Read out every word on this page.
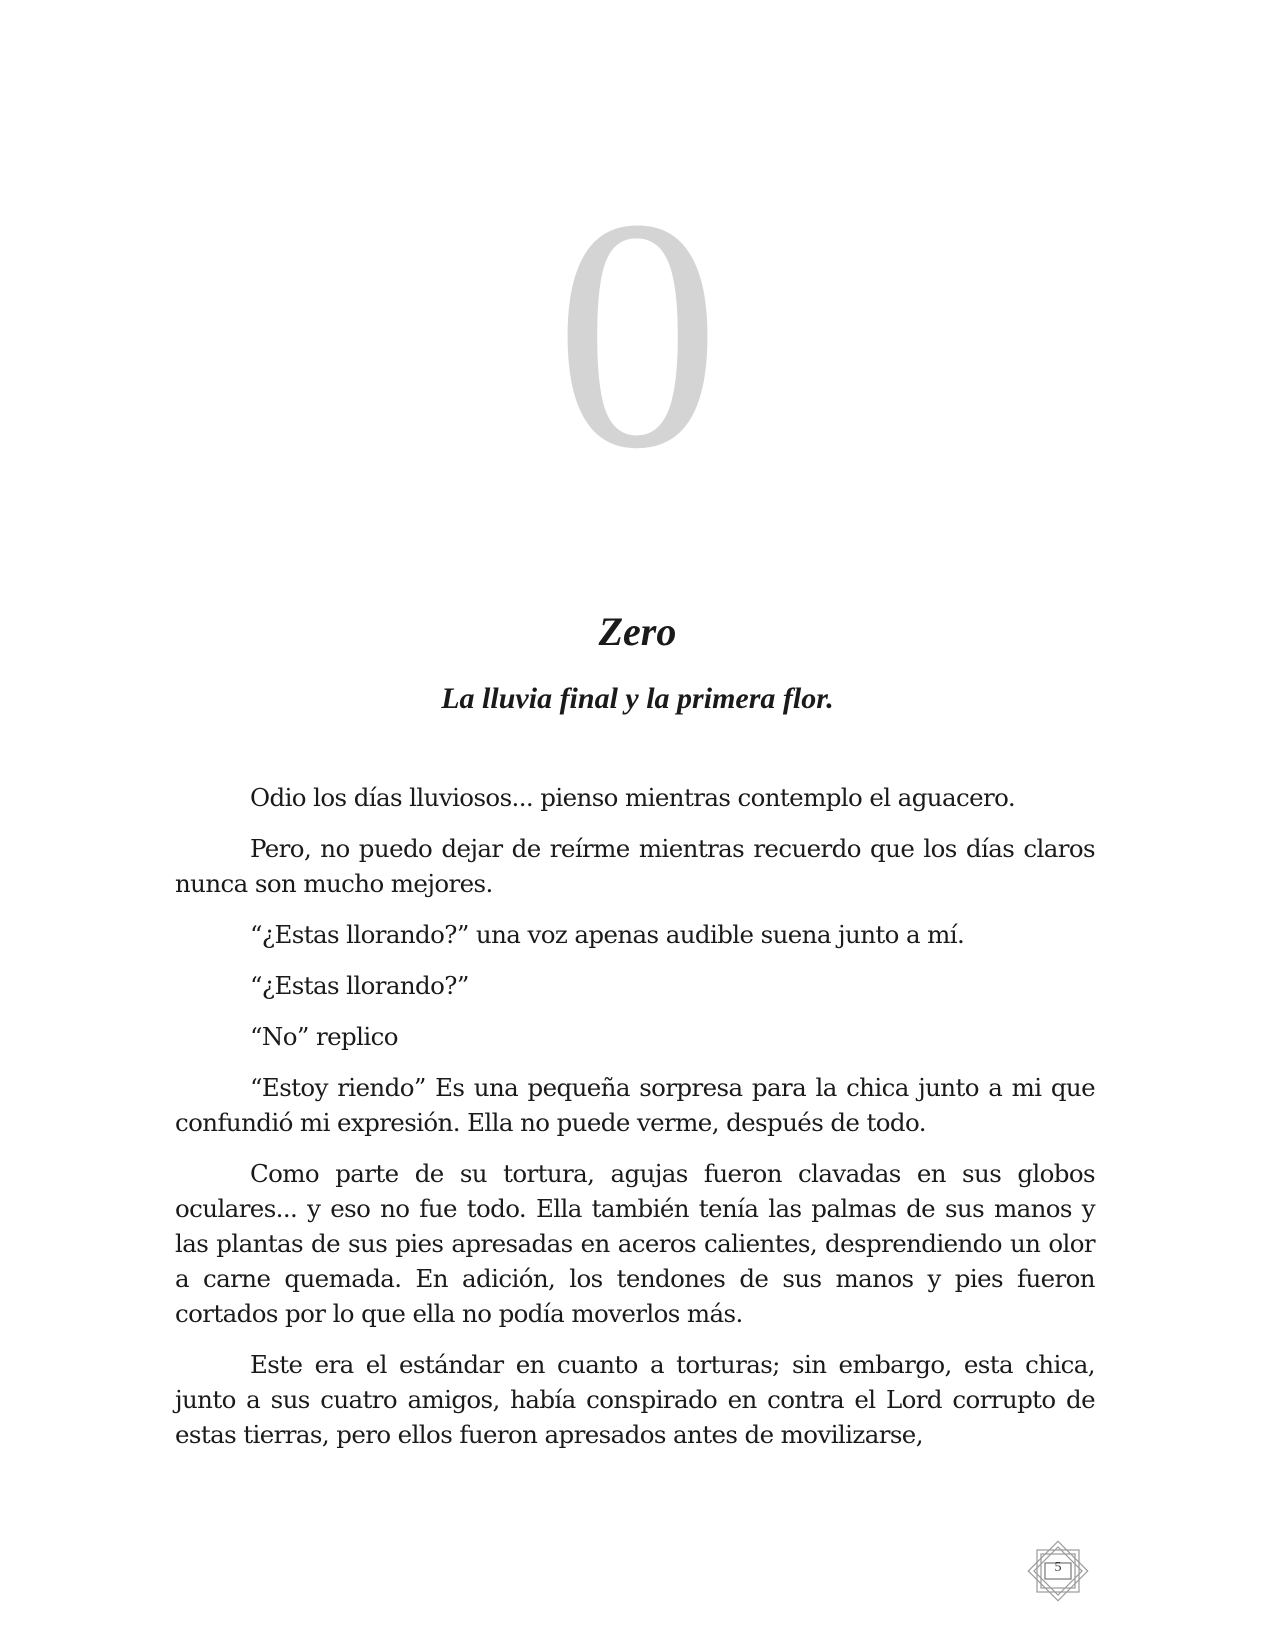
0
Zero
La lluvia final y la primera flor.

Odio los días lluviosos... pienso mientras contemplo el aguacero.

Pero, no puedo dejar de reírme mientras recuerdo que los días claros nunca son mucho mejores.

“¿Estas llorando?” una voz apenas audible suena junto a mí.

“¿Estas llorando?”

“No” replico

“Estoy riendo” Es una pequeña sorpresa para la chica junto a mi que confundió mi expresión. Ella no puede verme, después de todo.

Como parte de su tortura, agujas fueron clavadas en sus globos oculares... y eso no fue todo. Ella también tenía las palmas de sus manos y las plantas de sus pies apresadas en aceros calientes, desprendiendo un olor a carne quemada. En adición, los tendones de sus manos y pies fueron cortados por lo que ella no podía moverlos más.

Este era el estándar en cuanto a torturas; sin embargo, esta chica, junto a sus cuatro amigos, había conspirado en contra el Lord corrupto de estas tierras, pero ellos fueron apresados antes de movilizarse,

5
